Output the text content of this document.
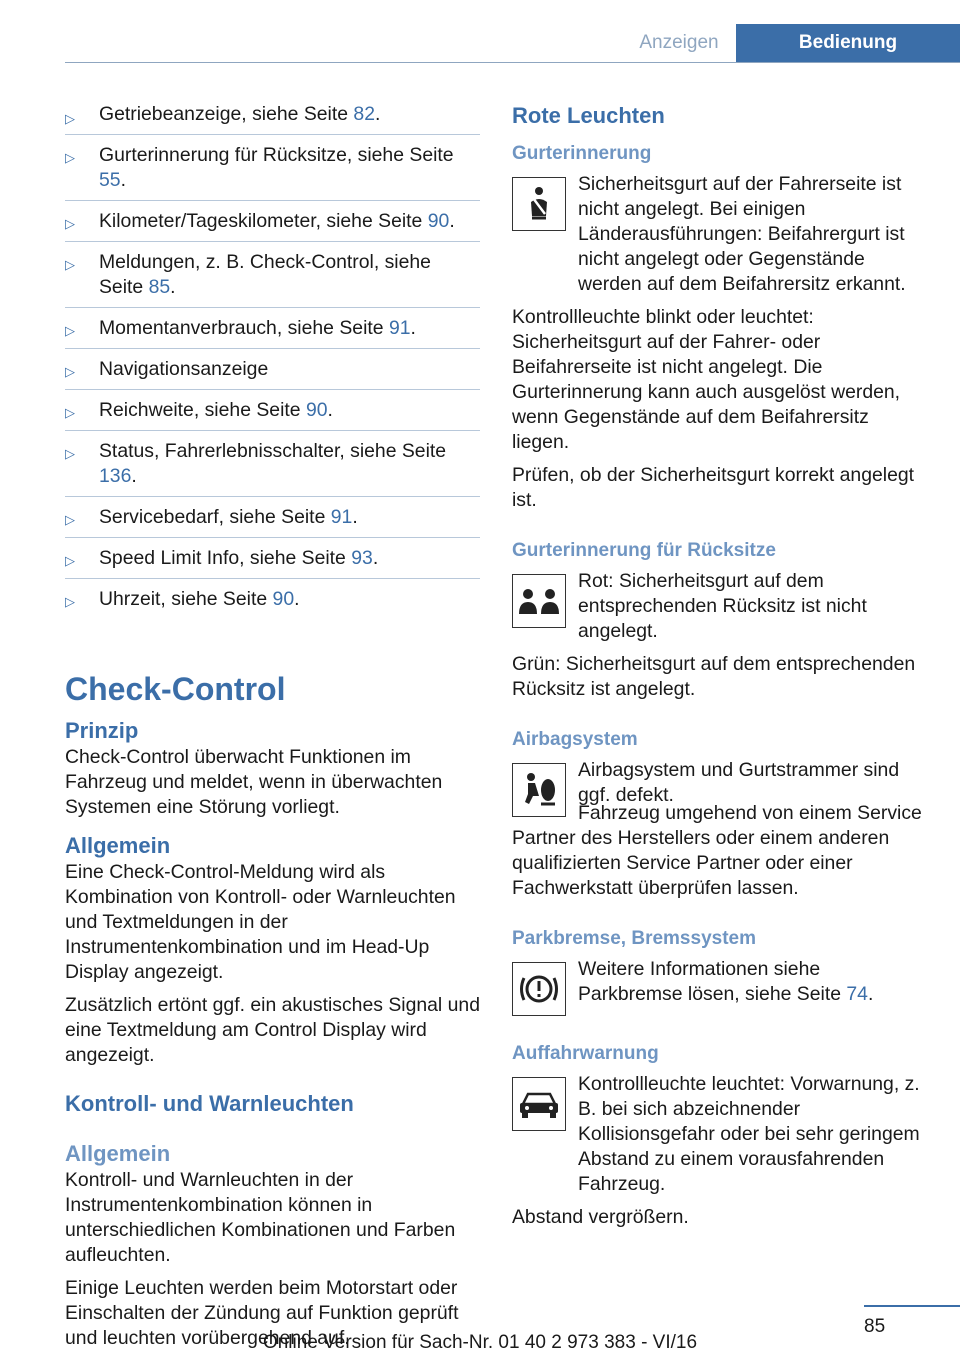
Anzeigen	Bedienung
▷ Getriebeanzeige, siehe Seite 82.
▷ Gurterinnerung für Rücksitze, siehe Seite 55.
▷ Kilometer/Tageskilometer, siehe Seite 90.
▷ Meldungen, z. B. Check-Control, siehe Seite 85.
▷ Momentanverbrauch, siehe Seite 91.
▷ Navigationsanzeige
▷ Reichweite, siehe Seite 90.
▷ Status, Fahrerlebnisschalter, siehe Seite 136.
▷ Servicebedarf, siehe Seite 91.
▷ Speed Limit Info, siehe Seite 93.
▷ Uhrzeit, siehe Seite 90.
Check-Control
Prinzip

Check-Control überwacht Funktionen im Fahrzeug und meldet, wenn in überwachten Systemen eine Störung vorliegt.

Allgemein

Eine Check-Control-Meldung wird als Kombination von Kontroll- oder Warnleuchten und Textmeldungen in der Instrumentenkombination und im Head-Up Display angezeigt.

Zusätzlich ertönt ggf. ein akustisches Signal und eine Textmeldung am Control Display wird angezeigt.

Kontroll- und Warnleuchten
Allgemein

Kontroll- und Warnleuchten in der Instrumentenkombination können in unterschiedlichen Kombinationen und Farben aufleuchten.

Einige Leuchten werden beim Motorstart oder Einschalten der Zündung auf Funktion geprüft und leuchten vorübergehend auf.

Rote Leuchten
Gurterinnerung

Sicherheitsgurt auf der Fahrerseite ist nicht angelegt. Bei einigen Länderausführungen: Beifahrergurt ist nicht angelegt oder Gegenstände werden auf dem Beifahrersitz erkannt.

Kontrollleuchte blinkt oder leuchtet: Sicherheitsgurt auf der Fahrer- oder Beifahrerseite ist nicht angelegt. Die Gurterinnerung kann auch ausgelöst werden, wenn Gegenstände auf dem Beifahrersitz liegen.

Prüfen, ob der Sicherheitsgurt korrekt angelegt ist.

Gurterinnerung für Rücksitze

Rot: Sicherheitsgurt auf dem entsprechenden Rücksitz ist nicht angelegt.

Grün: Sicherheitsgurt auf dem entsprechenden Rücksitz ist angelegt.

Airbagsystem

Airbagsystem und Gurtstrammer sind ggf. defekt.

Fahrzeug umgehend von einem Service Partner des Herstellers oder einem anderen qualifizierten Service Partner oder einer Fachwerkstatt überprüfen lassen.

Parkbremse, Bremssystem

Weitere Informationen siehe Parkbremse lösen, siehe Seite 74.

Auffahrwarnung

Kontrollleuchte leuchtet: Vorwarnung, z. B. bei sich abzeichnender Kollisionsgefahr oder bei sehr geringem Abstand zu einem vorausfahrenden Fahrzeug.

Abstand vergrößern.

85
Online Version für Sach-Nr. 01 40 2 973 383 - VI/16
